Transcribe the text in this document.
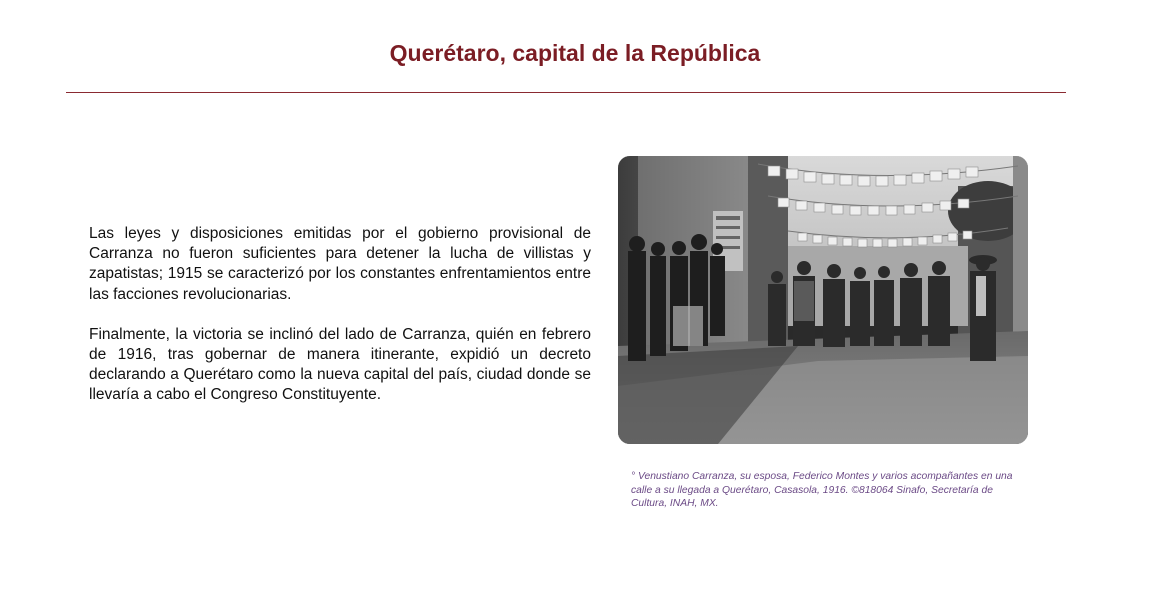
Querétaro, capital de la República

Las leyes y disposiciones emitidas por el gobierno provisional de Carranza no fueron suficientes para detener la lucha de villistas y zapatistas; 1915 se caracterizó por los constantes enfrentamientos entre las facciones revolucionarias.

Finalmente, la victoria se inclinó del lado de Carranza, quién en febrero de 1916, tras gobernar de manera itinerante, expidió un decreto declarando a Querétaro como la nueva capital del país, ciudad donde se llevaría a cabo el Congreso Constituyente.

° Venustiano Carranza, su esposa, Federico Montes y varios acompañantes en una calle a su llegada a Querétaro, Casasola, 1916. ©818064 Sinafo, Secretaría de Cultura, INAH, MX.
